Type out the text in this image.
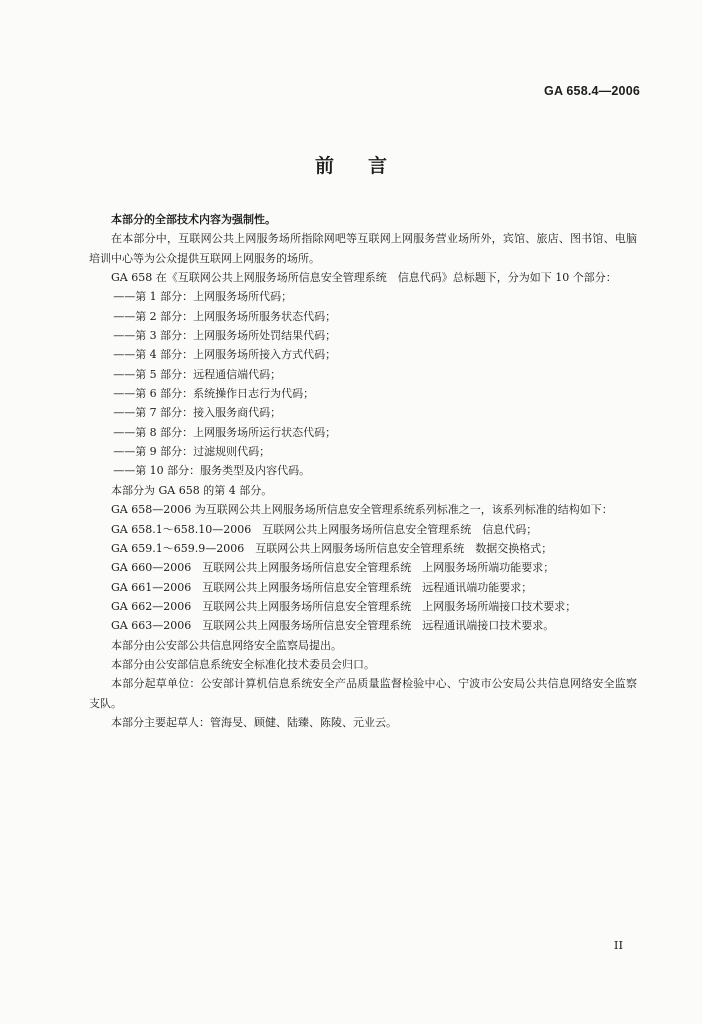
GA 658.4—2006
前言

本部分的全部技术内容为强制性。

在本部分中，互联网公共上网服务场所指除网吧等互联网上网服务营业场所外，宾馆、旅店、图书馆、电脑培训中心等为公众提供互联网上网服务的场所。

GA 658 在《互联网公共上网服务场所信息安全管理系统　信息代码》总标题下，分为如下 10 个部分：

——第 1 部分：上网服务场所代码；

——第 2 部分：上网服务场所服务状态代码；

——第 3 部分：上网服务场所处罚结果代码；

——第 4 部分：上网服务场所接入方式代码；

——第 5 部分：远程通信端代码；

——第 6 部分：系统操作日志行为代码；

——第 7 部分：接入服务商代码；

——第 8 部分：上网服务场所运行状态代码；

——第 9 部分：过滤规则代码；

——第 10 部分：服务类型及内容代码。

本部分为 GA 658 的第 4 部分。

GA 658—2006 为互联网公共上网服务场所信息安全管理系统系列标准之一，该系列标准的结构如下：

GA 658.1～658.10—2006　互联网公共上网服务场所信息安全管理系统　信息代码；

GA 659.1～659.9—2006　互联网公共上网服务场所信息安全管理系统　数据交换格式；

GA 660—2006　互联网公共上网服务场所信息安全管理系统　上网服务场所端功能要求；

GA 661—2006　互联网公共上网服务场所信息安全管理系统　远程通讯端功能要求；

GA 662—2006　互联网公共上网服务场所信息安全管理系统　上网服务场所端接口技术要求；

GA 663—2006　互联网公共上网服务场所信息安全管理系统　远程通讯端接口技术要求。

本部分由公安部公共信息网络安全监察局提出。

本部分由公安部信息系统安全标准化技术委员会归口。

本部分起草单位：公安部计算机信息系统安全产品质量监督检验中心、宁波市公安局公共信息网络安全监察支队。

本部分主要起草人：管海旻、顾健、陆臻、陈陵、元业云。

II
